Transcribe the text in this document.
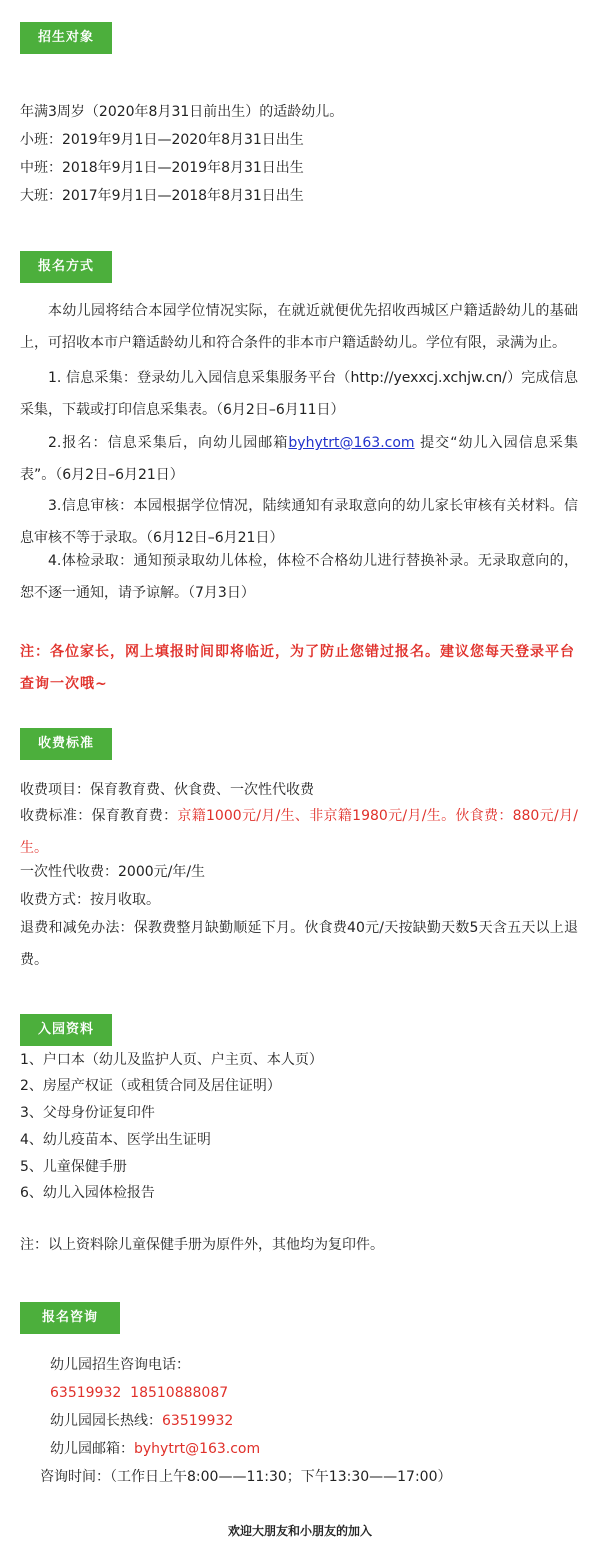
招生对象
年满3周岁（2020年8月31日前出生）的适龄幼儿。
小班：2019年9月1日—2020年8月31日出生
中班：2018年9月1日—2019年8月31日出生
大班：2017年9月1日—2018年8月31日出生
报名方式
本幼儿园将结合本园学位情况实际，在就近就便优先招收西城区户籍适龄幼儿的基础上，可招收本市户籍适龄幼儿和符合条件的非本市户籍适龄幼儿。学位有限，录满为止。
1. 信息采集：登录幼儿入园信息采集服务平台（http://yexxcj.xchjw.cn/）完成信息采集，下载或打印信息采集表。（6月2日–6月11日）
2.报名：信息采集后，向幼儿园邮箱byhytrt@163.com 提交“幼儿入园信息采集表”。（6月2日–6月21日）
3.信息审核：本园根据学位情况，陆续通知有录取意向的幼儿家长审核有关材料。信息审核不等于录取。（6月12日–6月21日）
4.体检录取：通知预录取幼儿体检，体检不合格幼儿进行替换补录。无录取意向的，恕不逐一通知，请予谅解。（7月3日）
注：各位家长，网上填报时间即将临近，为了防止您错过报名。建议您每天登录平台查询一次哦~
收费标准
收费项目：保育教育费、伙食费、一次性代收费
收费标准：保育教育费：京籍1000元/月/生、非京籍1980元/月/生。伙食费：880元/月/生。
一次性代收费：2000元/年/生
收费方式：按月收取。
退费和减免办法：保教费整月缺勤顺延下月。伙食费40元/天按缺勤天数5天含五天以上退费。
入园资料
1、户口本（幼儿及监护人页、户主页、本人页）
2、房屋产权证（或租赁合同及居住证明）
3、父母身份证复印件
4、幼儿疫苗本、医学出生证明
5、儿童保健手册
6、幼儿入园体检报告
注：以上资料除儿童保健手册为原件外，其他均为复印件。
报名咨询
幼儿园招生咨询电话：
63519932  18510888087
幼儿园园长热线：63519932
幼儿园邮箱：byhytrt@163.com
咨询时间：（工作日上午8:00——11:30；下午13:30——17:00）
欢迎大朋友和小朋友的加入
